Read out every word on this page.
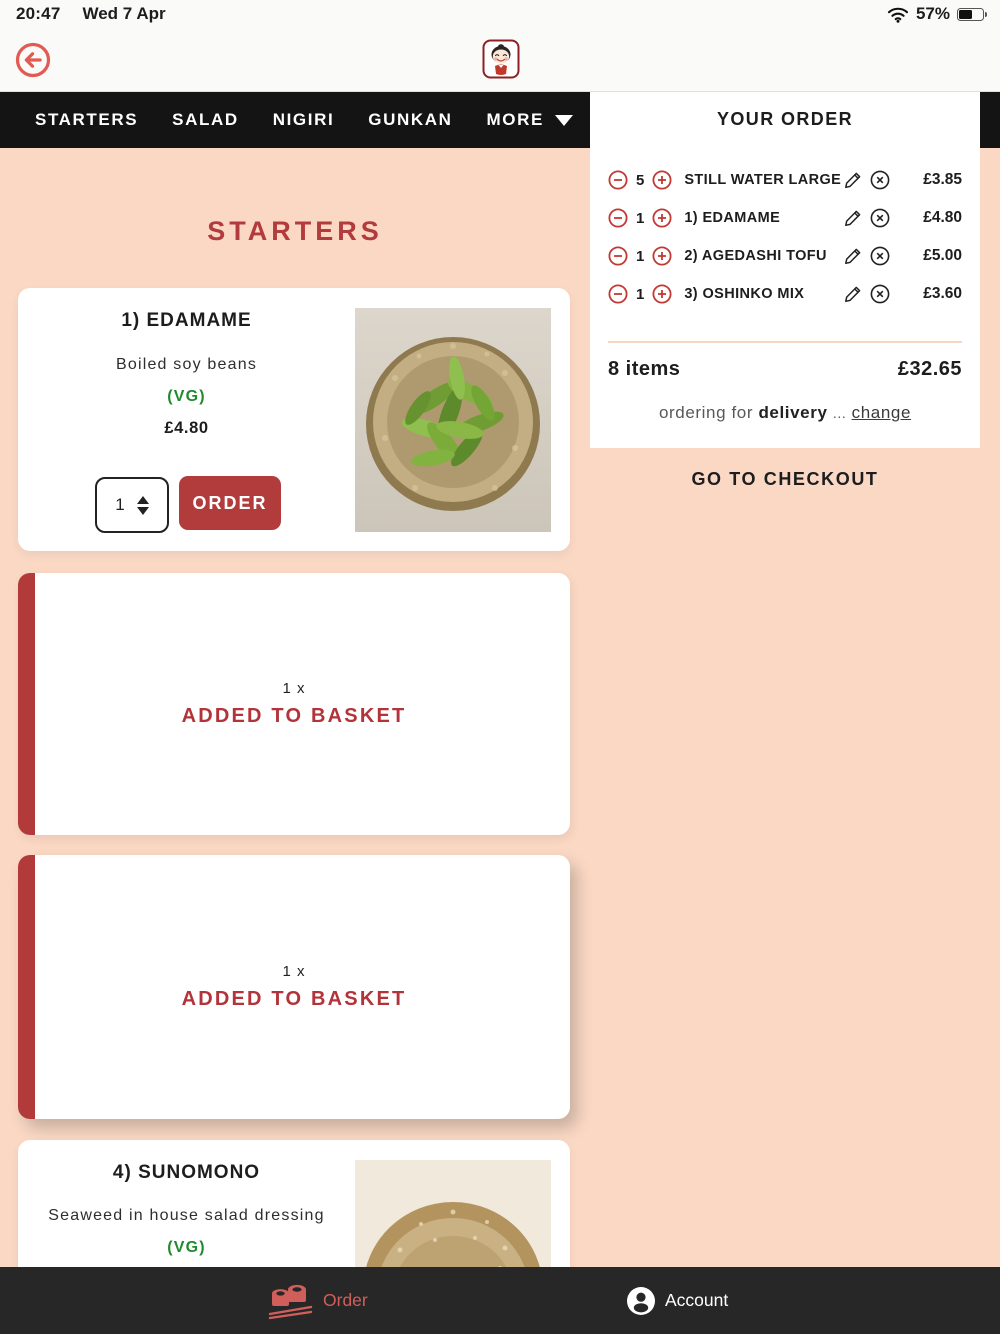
20:47 Wed 7 Apr	57%
STARTERS SALAD NIGIRI GUNKAN MORE	YOUR ORDER
5	STILL WATER LARGE	£3.85
1	1) EDAMAME	£4.80
1	2) AGEDASHI TOFU	£5.00
1	3) OSHINKO MIX	£3.60
8 items	£32.65
ordering for delivery ... change
GO TO CHECKOUT
STARTERS
1) EDAMAME
Boiled soy beans
(VG)
£4.80
1	ORDER
1 x
ADDED TO BASKET
1 x
ADDED TO BASKET
4) SUNOMONO
Seaweed in house salad dressing
(VG)
Order	Account
